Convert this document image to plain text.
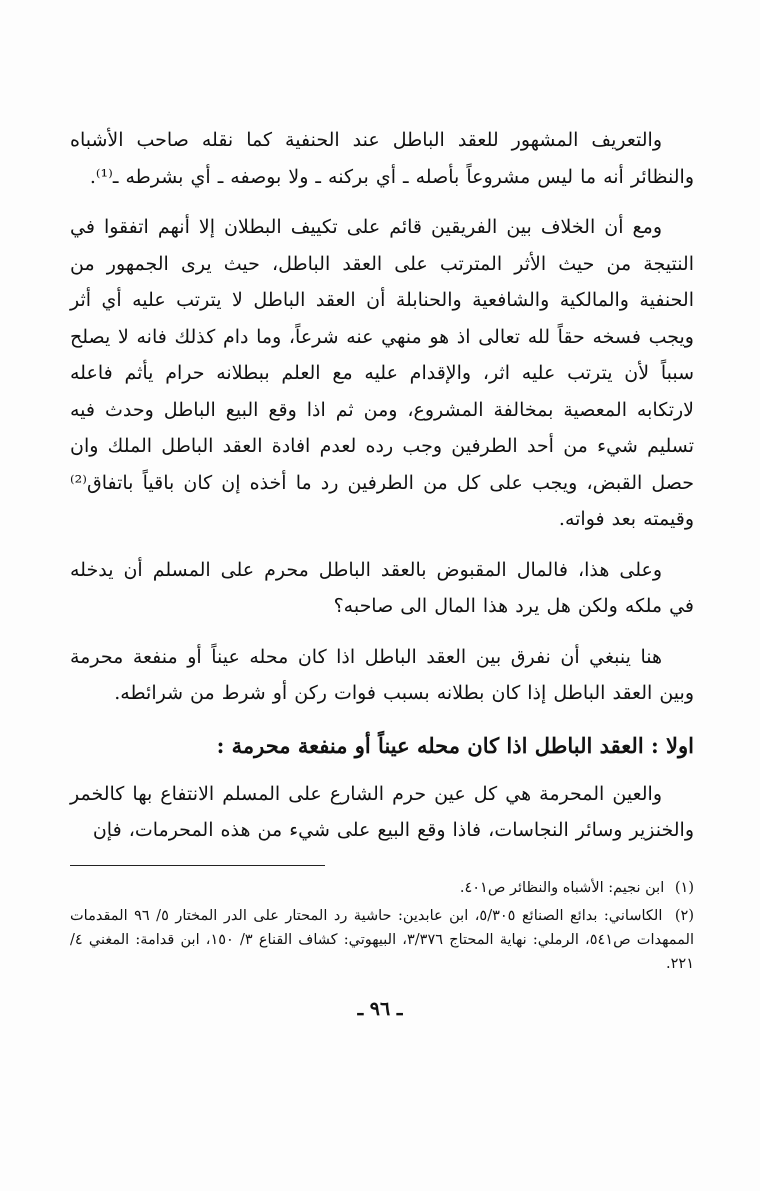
والتعريف المشهور للعقد الباطل عند الحنفية كما نقله صاحب الأشباه والنظائر أنه ما ليس مشروعاً بأصله ـ أي بركنه ـ ولا بوصفه ـ أي بشرطه ـ⁽¹⁾.

ومع أن الخلاف بين الفريقين قائم على تكييف البطلان إلا أنهم اتفقوا في النتيجة من حيث الأثر المترتب على العقد الباطل، حيث يرى الجمهور من الحنفية والمالكية والشافعية والحنابلة أن العقد الباطل لا يترتب عليه أي أثر ويجب فسخه حقاً لله تعالى اذ هو منهي عنه شرعاً، وما دام كذلك فانه لا يصلح سبباً لأن يترتب عليه اثر، والإقدام عليه مع العلم ببطلانه حرام يأثم فاعله لارتكابه المعصية بمخالفة المشروع، ومن ثم اذا وقع البيع الباطل وحدث فيه تسليم شيء من أحد الطرفين وجب رده لعدم افادة العقد الباطل الملك وان حصل القبض، ويجب على كل من الطرفين رد ما أخذه إن كان باقياً باتفاق⁽²⁾ وقيمته بعد فواته.

وعلى هذا، فالمال المقبوض بالعقد الباطل محرم على المسلم أن يدخله في ملكه ولكن هل يرد هذا المال الى صاحبه؟

هنا ينبغي أن نفرق بين العقد الباطل اذا كان محله عيناً أو منفعة محرمة وبين العقد الباطل إذا كان بطلانه بسبب فوات ركن أو شرط من شرائطه.

اولا : العقد الباطل اذا كان محله عيناً أو منفعة محرمة :

والعين المحرمة هي كل عين حرم الشارع على المسلم الانتفاع بها كالخمر والخنزير وسائر النجاسات، فاذا وقع البيع على شيء من هذه المحرمات، فإن

(١) ابن نجيم: الأشباه والنظائر ص٤٠١.

(٢) الكاساني: بدائع الصنائع ٥/٣٠٥، ابن عابدين: حاشية رد المحتار على الدر المختار ٥/ ٩٦ المقدمات الممهدات ص٥٤١، الرملي: نهاية المحتاج ٣/٣٧٦، البيهوتي: كشاف القناع ٣/ ١٥٠، ابن قدامة: المغني ٤/ ٢٢١.

ـ ٩٦ ـ
